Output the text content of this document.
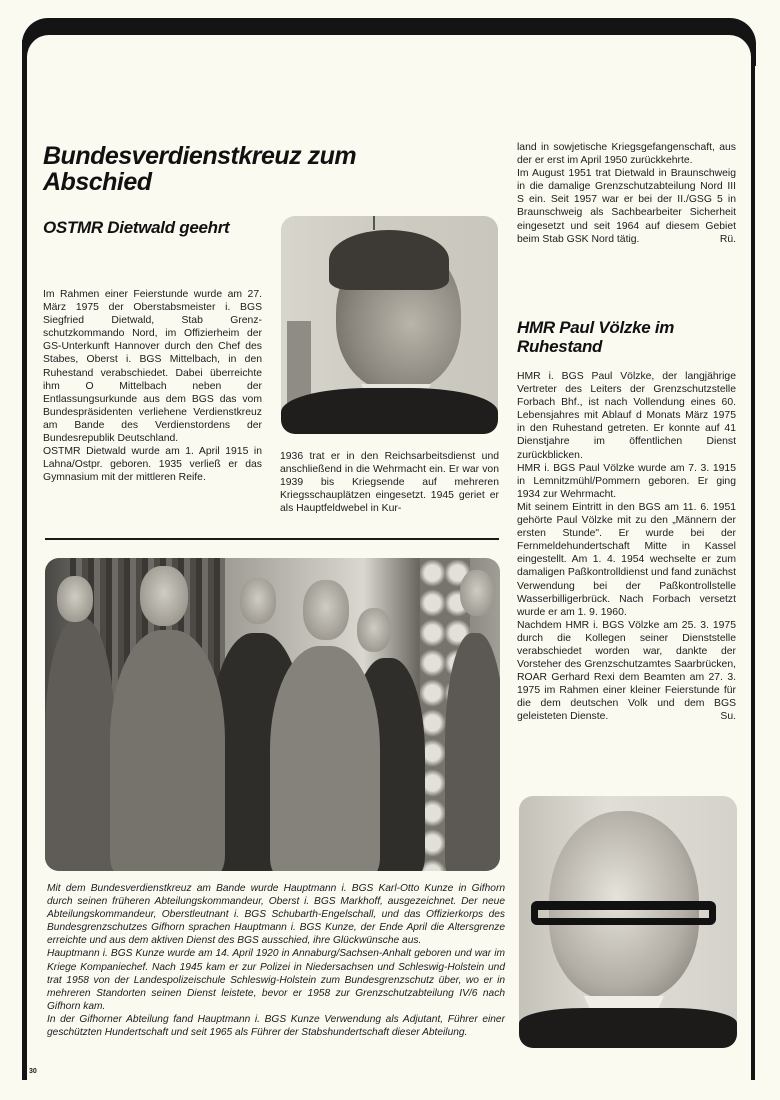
Bundesverdienstkreuz zum Abschied
OSTMR Dietwald geehrt

Im Rahmen einer Feierstunde wurde am 27. März 1975 der Oberstabsmeister i. BGS Siegfried Dietwald, Stab Grenzschutzkommando Nord, im Offizierheim der GS-Unterkunft Hannover durch den Chef des Stabes, Oberst i. BGS Mittelbach, in den Ruhestand verabschiedet. Dabei überreichte ihm O Mittelbach neben der Entlassungsurkunde aus dem BGS das vom Bundespräsidenten verliehene Verdienstkreuz am Bande des Verdienstordens der Bundesrepublik Deutschland.

OSTMR Dietwald wurde am 1. April 1915 in Lahna/Ostpr. geboren. 1935 verließ er das Gymnasium mit der mittleren Reife.

1936 trat er in den Reichsarbeitsdienst und anschließend in die Wehrmacht ein. Er war von 1939 bis Kriegsende auf mehreren Kriegsschauplätzen eingesetzt. 1945 geriet er als Hauptfeldwebel in Kur-

land in sowjetische Kriegsgefangenschaft, aus der er erst im April 1950 zurückkehrte.

Im August 1951 trat Dietwald in Braunschweig in die damalige Grenzschutzabteilung Nord III S ein. Seit 1957 war er bei der II./GSG 5 in Braunschweig als Sachbearbeiter Sicherheit eingesetzt und seit 1964 auf diesem Gebiet beim Stab GSK Nord tätig.	Rü.

HMR Paul Völzke im Ruhestand

HMR i. BGS Paul Völzke, der langjährige Vertreter des Leiters der Grenzschutzstelle Forbach Bhf., ist nach Vollendung eines 60. Lebensjahres mit Ablauf d Monats März 1975 in den Ruhestand getreten. Er konnte auf 41 Dienstjahre im öffentlichen Dienst zurückblicken.

HMR i. BGS Paul Völzke wurde am 7. 3. 1915 in Lemnitzmühl/Pommern geboren. Er ging 1934 zur Wehrmacht.

Mit seinem Eintritt in den BGS am 11. 6. 1951 gehörte Paul Völzke mit zu den „Männern der ersten Stunde". Er wurde bei der Fernmeldehundertschaft Mitte in Kassel eingestellt. Am 1. 4. 1954 wechselte er zum damaligen Paßkontrolldienst und fand zunächst Verwendung bei der Paßkontrollstelle Wasserbilligerbrück. Nach Forbach versetzt wurde er am 1. 9. 1960.

Nachdem HMR i. BGS Völzke am 25. 3. 1975 durch die Kollegen seiner Dienststelle verabschiedet worden war, dankte der Vorsteher des Grenzschutzamtes Saarbrücken, ROAR Gerhard Rexi dem Beamten am 27. 3. 1975 im Rahmen einer kleiner Feierstunde für die dem deutschen Volk und dem BGS geleisteten Dienste.	Su.

Mit dem Bundesverdienstkreuz am Bande wurde Hauptmann i. BGS Karl-Otto Kunze in Gifhorn durch seinen früheren Abteilungskommandeur, Oberst i. BGS Markhoff, ausgezeichnet. Der neue Abteilungskommandeur, Oberstleutnant i. BGS Schubarth-Engelschall, und das Offizierkorps des Bundesgrenzschutzes Gifhorn sprachen Hauptmann i. BGS Kunze, der Ende April die Altersgrenze erreichte und aus dem aktiven Dienst des BGS ausschied, ihre Glückwünsche aus.

Hauptmann i. BGS Kunze wurde am 14. April 1920 in Annaburg/Sachsen-Anhalt geboren und war im Kriege Kompaniechef. Nach 1945 kam er zur Polizei in Niedersachsen und Schleswig-Holstein und trat 1958 von der Landespolizeischule Schleswig-Holstein zum Bundesgrenzschutz über, wo er in mehreren Standorten seinen Dienst leistete, bevor er 1958 zur Grenzschutzabteilung IV/6 nach Gifhorn kam.

In der Gifhorner Abteilung fand Hauptmann i. BGS Kunze Verwendung als Adjutant, Führer einer geschützten Hundertschaft und seit 1965 als Führer der Stabshundertschaft dieser Abteilung.

30
